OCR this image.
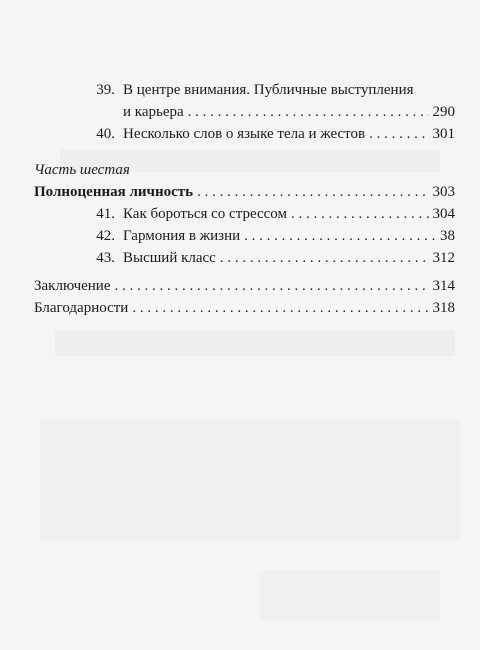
39. В центре внимания. Публичные выступления
и карьера . . .	290
40. Несколько слов о языке тела и жестов . . .	301
Часть шестая
Полноценная личность . . .	303
41. Как бороться со стрессом . . .	304
42. Гармония в жизни . . .	38
43. Высший класс . . .	312
Заключение . . .	314
Благодарности . . .	318
